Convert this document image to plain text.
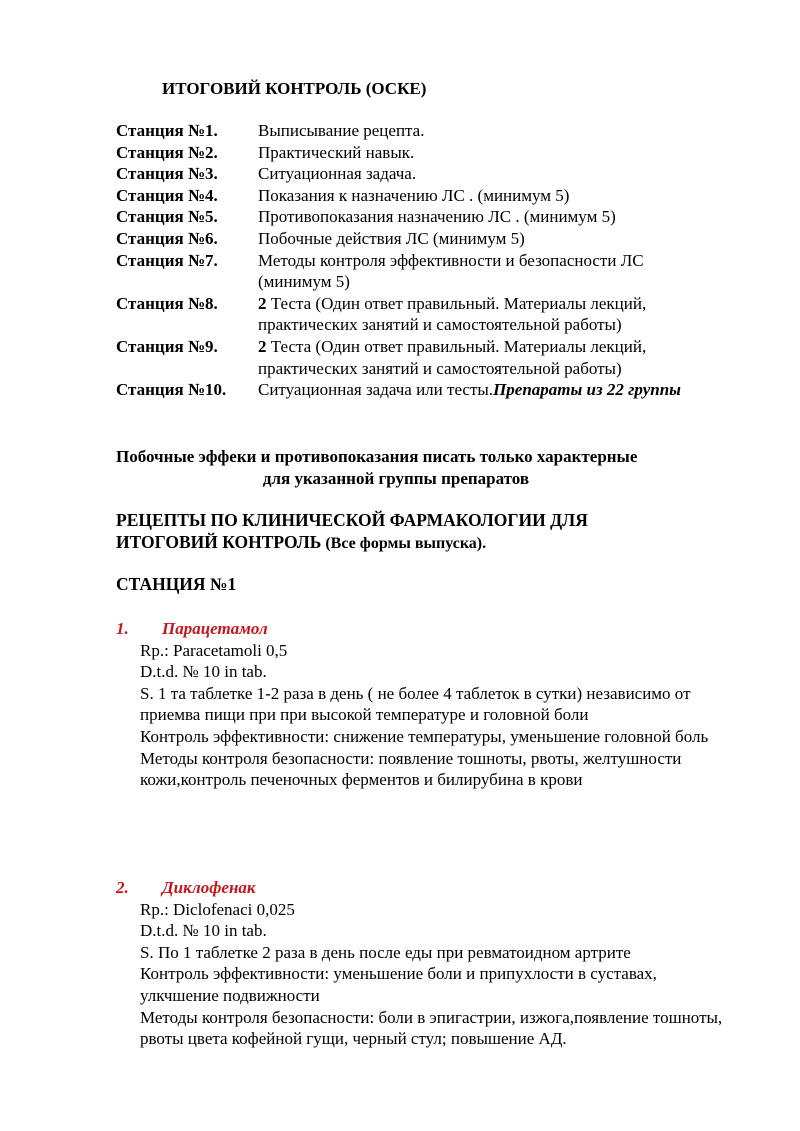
ИТОГОВИЙ КОНТРОЛЬ (ОСКЕ)
Станция №1.	Выписывание рецепта.
Станция №2.	Практический навык.
Станция №3.	Ситуационная задача.
Станция №4.	Показания к назначению ЛС . (минимум 5)
Станция №5.	Противопоказания назначению ЛС . (минимум 5)
Станция №6.	Побочные действия ЛС (минимум 5)
Станция №7.	Методы контроля эффективности и безопасности ЛС (минимум 5)
Станция №8.	2 Теста (Один ответ правильный. Материалы лекций, практических занятий и самостоятельной работы)
Станция №9.	2 Теста (Один ответ правильный. Материалы лекций, практических занятий и самостоятельной работы)
Станция №10.	Ситуационная задача или тесты.Препараты из 22 группы
Побочные эффеки и противопоказания писать только характерные
для указанной группы препаратов
РЕЦЕПТЫ ПО КЛИНИЧЕСКОЙ ФАРМАКОЛОГИИ ДЛЯ ИТОГОВИЙ КОНТРОЛЬ (Все формы выпуска).
СТАНЦИЯ №1
1.	Парацетамол
Rp.: Paracetamoli 0,5
D.t.d. № 10 in tab.
S. 1 та таблетке 1-2 раза в день ( не более 4 таблеток в сутки) независимо от приемва пищи при при высокой температуре и головной боли
Контроль эффективности: снижение температуры, уменьшение головной боль
Методы контроля безопасности: появление тошноты, рвоты, желтушности кожи,контроль печеночных ферментов и билирубина в крови
2.	Диклофенак
Rp.: Diclofenaci 0,025
D.t.d. № 10 in tab.
S. По 1 таблетке 2 раза в день после еды при ревматоидном артрите
Контроль эффективности: уменьшение боли и припухлости в суставах, улкчшение подвижности
Методы контроля безопасности: боли в эпигастрии, изжога,появление тошноты, рвоты цвета кофейной гущи, черный стул; повышение АД.
